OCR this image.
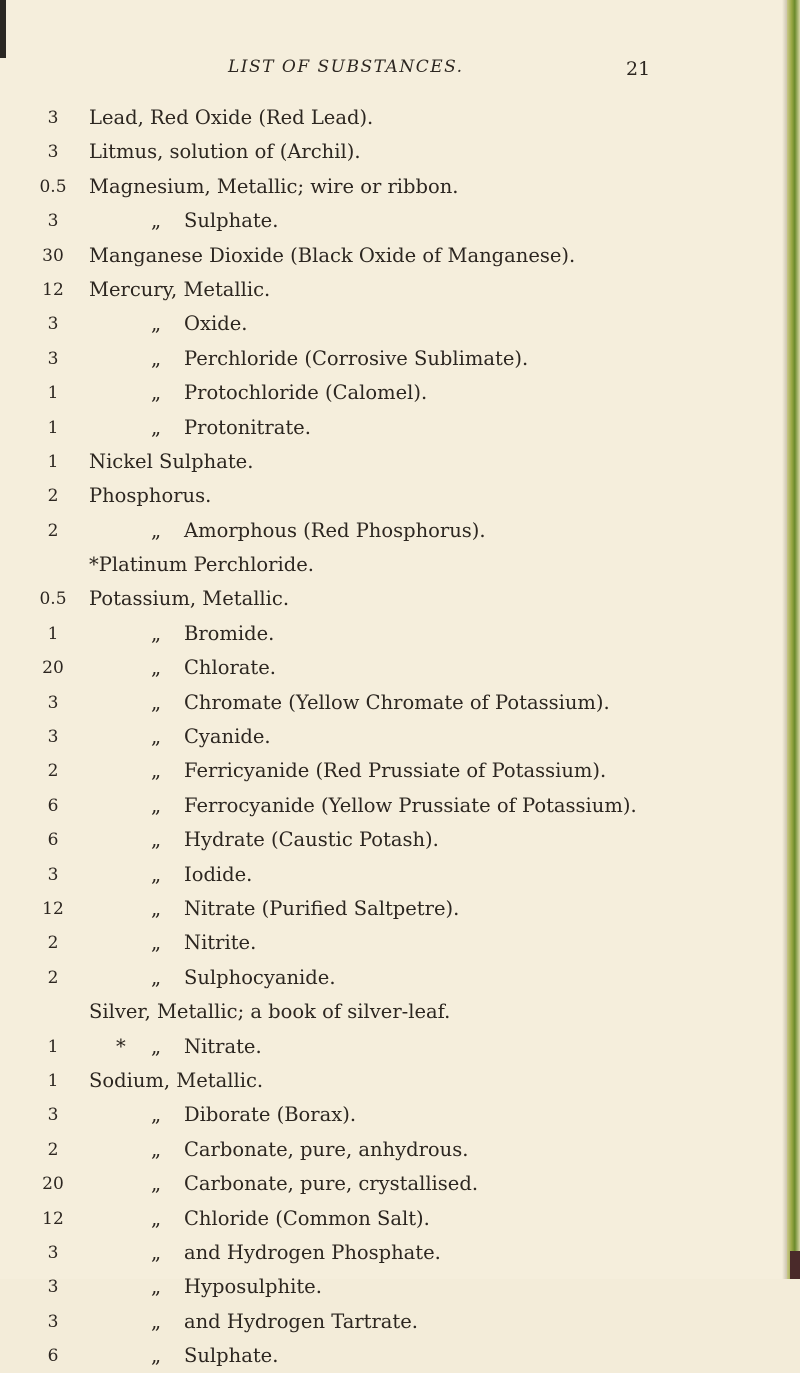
LIST OF SUBSTANCES.	21
3	Lead, Red Oxide (Red Lead).
3	Litmus, solution of (Archil).
0.5	Magnesium, Metallic; wire or ribbon.
3	„ Sulphate.
30	Manganese Dioxide (Black Oxide of Manganese).
12	Mercury, Metallic.
3	„ Oxide.
3	„ Perchloride (Corrosive Sublimate).
1	„ Protochloride (Calomel).
1	„ Protonitrate.
1	Nickel Sulphate.
2	Phosphorus.
2	„ Amorphous (Red Phosphorus).
*Platinum Perchloride.
0.5	Potassium, Metallic.
1	„ Bromide.
20	„ Chlorate.
3	„ Chromate (Yellow Chromate of Potassium).
3	„ Cyanide.
2	„ Ferricyanide (Red Prussiate of Potassium).
6	„ Ferrocyanide (Yellow Prussiate of Potassium).
6	„ Hydrate (Caustic Potash).
3	„ Iodide.
12	„ Nitrate (Purified Saltpetre).
2	„ Nitrite.
2	„ Sulphocyanide.
Silver, Metallic; a book of silver-leaf.
1	* „ Nitrate.
1	Sodium, Metallic.
3	„ Diborate (Borax).
2	„ Carbonate, pure, anhydrous.
20	„ Carbonate, pure, crystallised.
12	„ Chloride (Common Salt).
3	„ and Hydrogen Phosphate.
3	„ Hyposulphite.
3	„ and Hydrogen Tartrate.
6	„ Sulphate.
